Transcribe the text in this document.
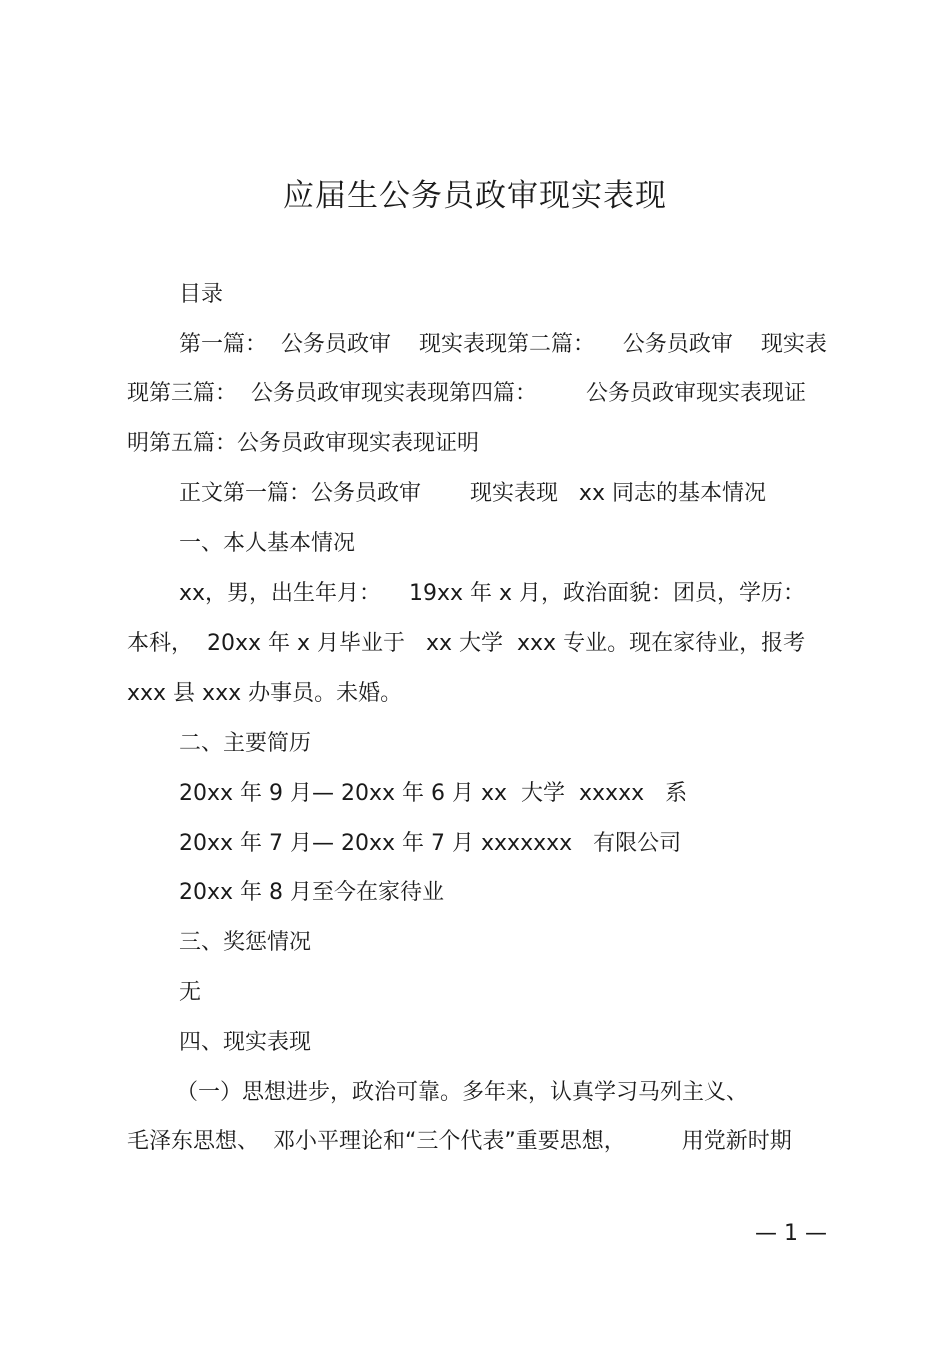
应届生公务员政审现实表现
目录
第一篇：  公务员政审    现实表现第二篇：    公务员政审    现实表
现第三篇：  公务员政审现实表现第四篇：       公务员政审现实表现证
明第五篇：公务员政审现实表现证明
正文第一篇：公务员政审       现实表现   xx 同志的基本情况
一、本人基本情况
xx，男，出生年月：    19xx 年 x 月，政治面貌：团员，学历：
本科，  20xx 年 x 月毕业于   xx 大学  xxx 专业。现在家待业，报考
xxx 县 xxx 办事员。未婚。
二、主要简历
20xx 年 9 月— 20xx 年 6 月 xx  大学  xxxxx   系
20xx 年 7 月— 20xx 年 7 月 xxxxxxx   有限公司
20xx 年 8 月至今在家待业
三、奖惩情况
无
四、现实表现
（一）思想进步，政治可靠。多年来，认真学习马列主义、
毛泽东思想、  邓小平理论和“三个代表”重要思想，        用党新时期
— 1 —
